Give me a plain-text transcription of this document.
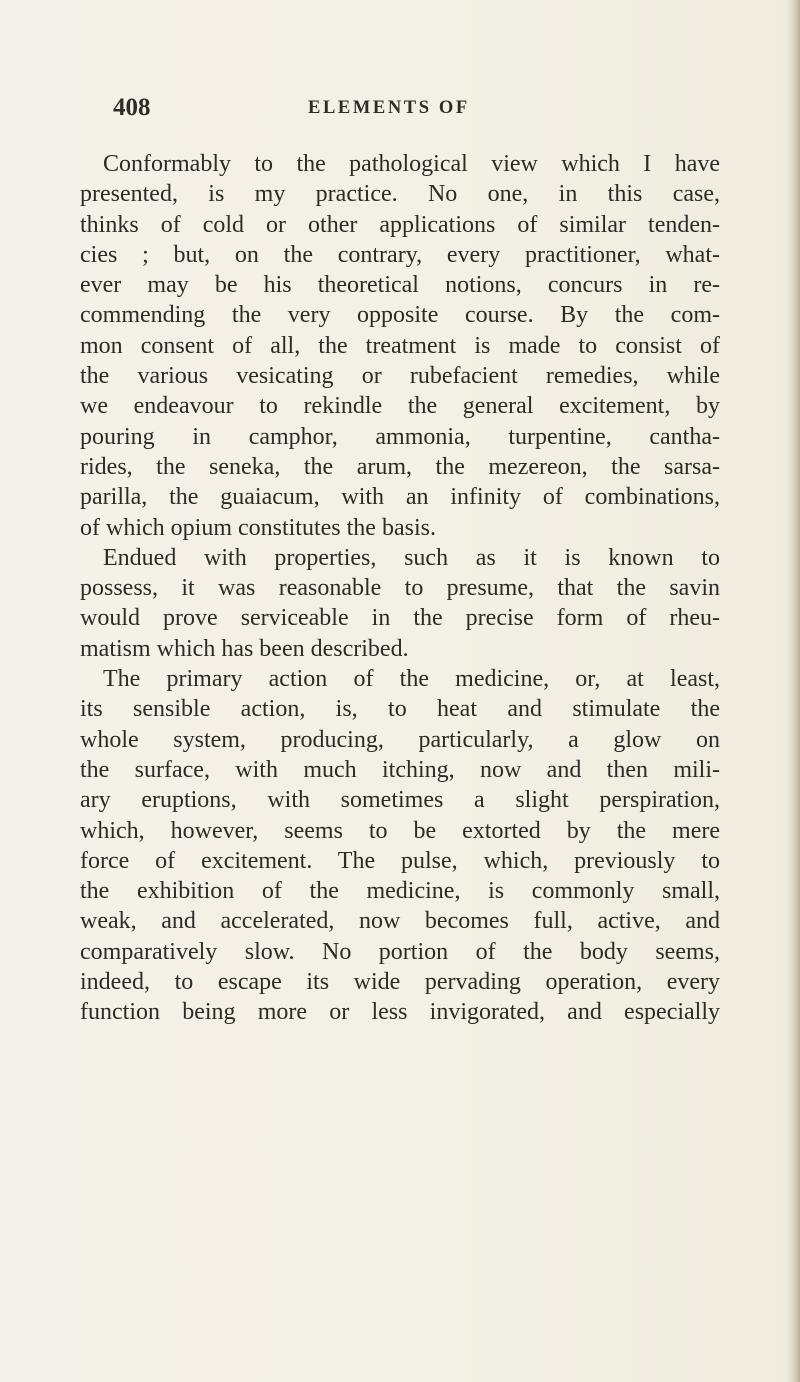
408	ELEMENTS OF
Conformably to the pathological view which I have
presented, is my practice. No one, in this case,
thinks of cold or other applications of similar tenden-
cies ; but, on the contrary, every practitioner, what-
ever may be his theoretical notions, concurs in re-
commending the very opposite course. By the com-
mon consent of all, the treatment is made to consist of
the various vesicating or rubefacient remedies, while
we endeavour to rekindle the general excitement, by
pouring in camphor, ammonia, turpentine, cantha-
rides, the seneka, the arum, the mezereon, the sarsa-
parilla, the guaiacum, with an infinity of combinations,
of which opium constitutes the basis.
Endued with properties, such as it is known to
possess, it was reasonable to presume, that the savin
would prove serviceable in the precise form of rheu-
matism which has been described.
The primary action of the medicine, or, at least,
its sensible action, is, to heat and stimulate the
whole system, producing, particularly, a glow on
the surface, with much itching, now and then mili-
ary eruptions, with sometimes a slight perspiration,
which, however, seems to be extorted by the mere
force of excitement. The pulse, which, previously to
the exhibition of the medicine, is commonly small,
weak, and accelerated, now becomes full, active, and
comparatively slow. No portion of the body seems,
indeed, to escape its wide pervading operation, every
function being more or less invigorated, and especially
